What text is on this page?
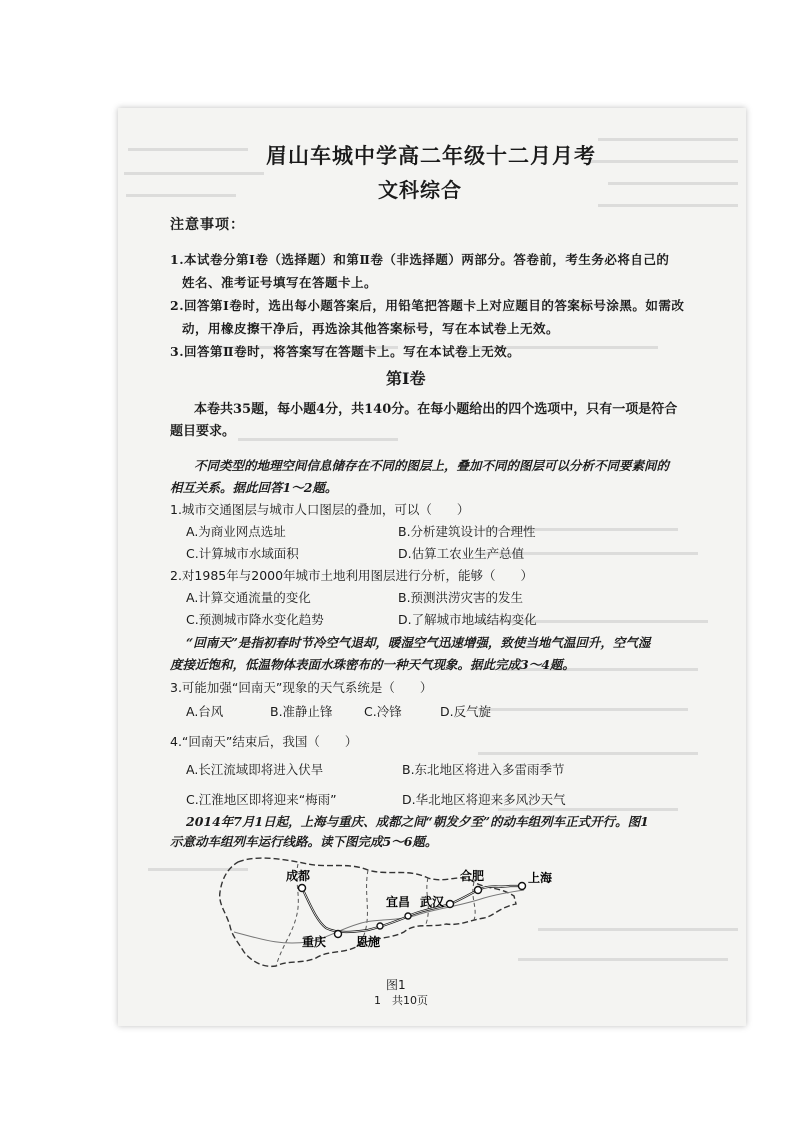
眉山车城中学高二年级十二月月考
文科综合
注意事项：
1.本试卷分第Ⅰ卷（选择题）和第Ⅱ卷（非选择题）两部分。答卷前，考生务必将自己的
姓名、准考证号填写在答题卡上。
2.回答第Ⅰ卷时，选出每小题答案后，用铅笔把答题卡上对应题目的答案标号涂黑。如需改
动，用橡皮擦干净后，再选涂其他答案标号，写在本试卷上无效。
3.回答第Ⅱ卷时，将答案写在答题卡上。写在本试卷上无效。
第Ⅰ卷
本卷共35题，每小题4分，共140分。在每小题给出的四个选项中，只有一项是符合
题目要求。
不同类型的地理空间信息储存在不同的图层上，叠加不同的图层可以分析不同要素间的
相互关系。据此回答1～2题。
1.城市交通图层与城市人口图层的叠加，可以（　　）
A.为商业网点选址	B.分析建筑设计的合理性
C.计算城市水域面积	D.估算工农业生产总值
2.对1985年与2000年城市土地利用图层进行分析，能够（　　）
A.计算交通流量的变化	B.预测洪涝灾害的发生
C.预测城市降水变化趋势	D.了解城市地域结构变化
“回南天”是指初春时节冷空气退却，暖湿空气迅速增强，致使当地气温回升，空气湿
度接近饱和，低温物体表面水珠密布的一种天气现象。据此完成3～4题。
3.可能加强“回南天”现象的天气系统是（　　）
A.台风	B.准静止锋	C.冷锋	D.反气旋
4.“回南天”结束后，我国（　　）
A.长江流域即将进入伏旱	B.东北地区将进入多雷雨季节
C.江淮地区即将迎来“梅雨”	D.华北地区将迎来多风沙天气
2014年7月1日起，上海与重庆、成都之间“朝发夕至”的动车组列车正式开行。图1
示意动车组列车运行线路。读下图完成5～6题。
成都
重庆 恩施
宜昌 武汉
合肥	上海
图1
1　共10页
